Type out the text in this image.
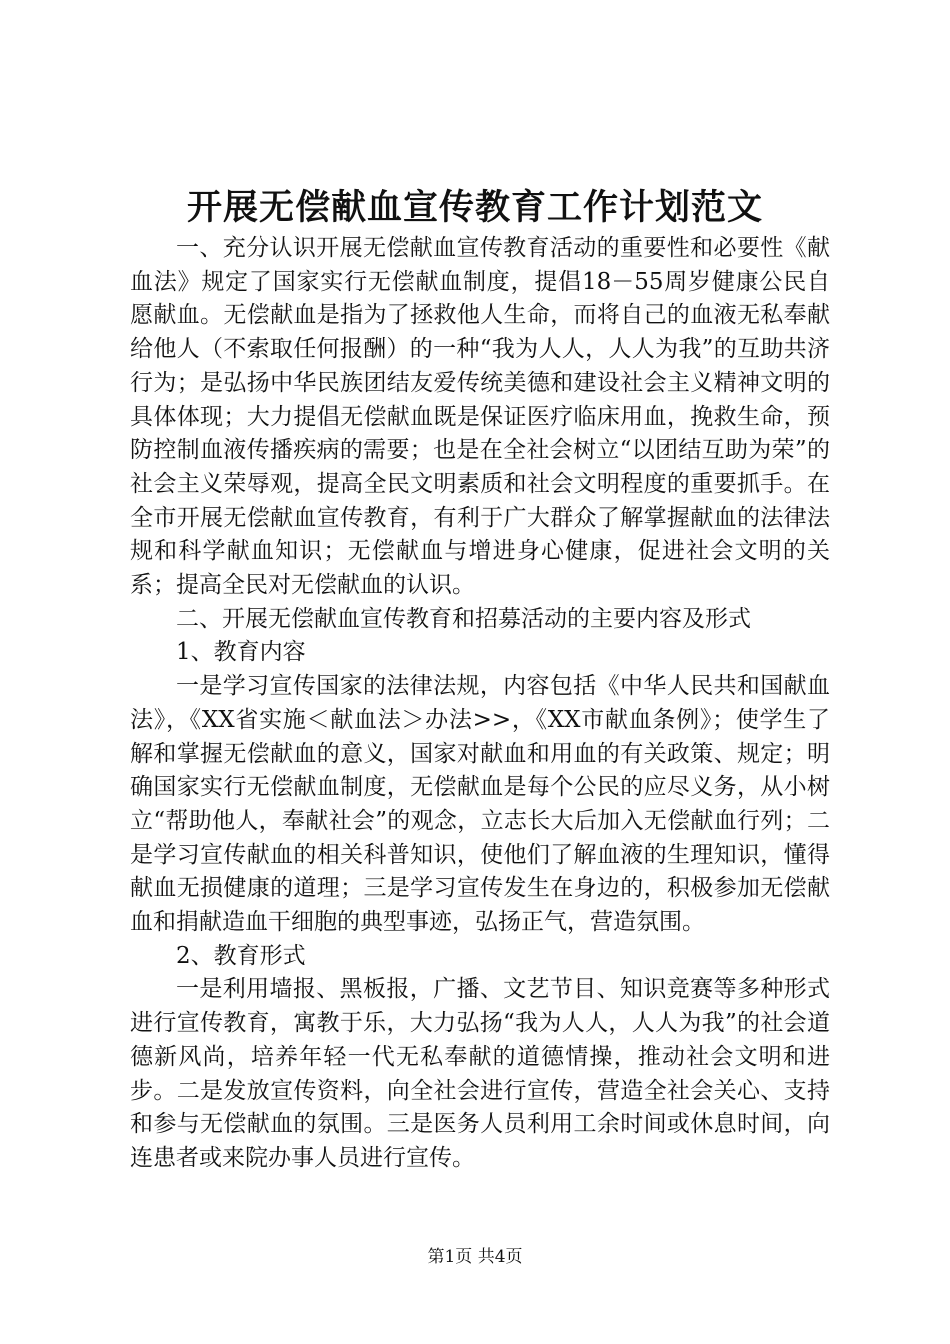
开展无偿献血宣传教育工作计划范文

一、充分认识开展无偿献血宣传教育活动的重要性和必要性《献血法》规定了国家实行无偿献血制度，提倡18－55周岁健康公民自愿献血。无偿献血是指为了拯救他人生命，而将自己的血液无私奉献给他人（不索取任何报酬）的一种“我为人人，人人为我”的互助共济行为；是弘扬中华民族团结友爱传统美德和建设社会主义精神文明的具体体现；大力提倡无偿献血既是保证医疗临床用血，挽救生命，预防控制血液传播疾病的需要；也是在全社会树立“以团结互助为荣”的社会主义荣辱观，提高全民文明素质和社会文明程度的重要抓手。在全市开展无偿献血宣传教育，有利于广大群众了解掌握献血的法律法规和科学献血知识；无偿献血与增进身心健康，促进社会文明的关系；提高全民对无偿献血的认识。

二、开展无偿献血宣传教育和招募活动的主要内容及形式

1、教育内容

一是学习宣传国家的法律法规，内容包括《中华人民共和国献血法》，《XX省实施＜献血法＞办法>>，《XX市献血条例》；使学生了解和掌握无偿献血的意义，国家对献血和用血的有关政策、规定；明确国家实行无偿献血制度，无偿献血是每个公民的应尽义务，从小树立“帮助他人，奉献社会”的观念，立志长大后加入无偿献血行列；二是学习宣传献血的相关科普知识，使他们了解血液的生理知识，懂得献血无损健康的道理；三是学习宣传发生在身边的，积极参加无偿献血和捐献造血干细胞的典型事迹，弘扬正气，营造氛围。

2、教育形式

一是利用墙报、黑板报，广播、文艺节目、知识竞赛等多种形式进行宣传教育，寓教于乐，大力弘扬“我为人人，人人为我”的社会道德新风尚，培养年轻一代无私奉献的道德情操，推动社会文明和进步。二是发放宣传资料，向全社会进行宣传，营造全社会关心、支持和参与无偿献血的氛围。三是医务人员利用工余时间或休息时间，向连患者或来院办事人员进行宣传。

第1页 共4页
